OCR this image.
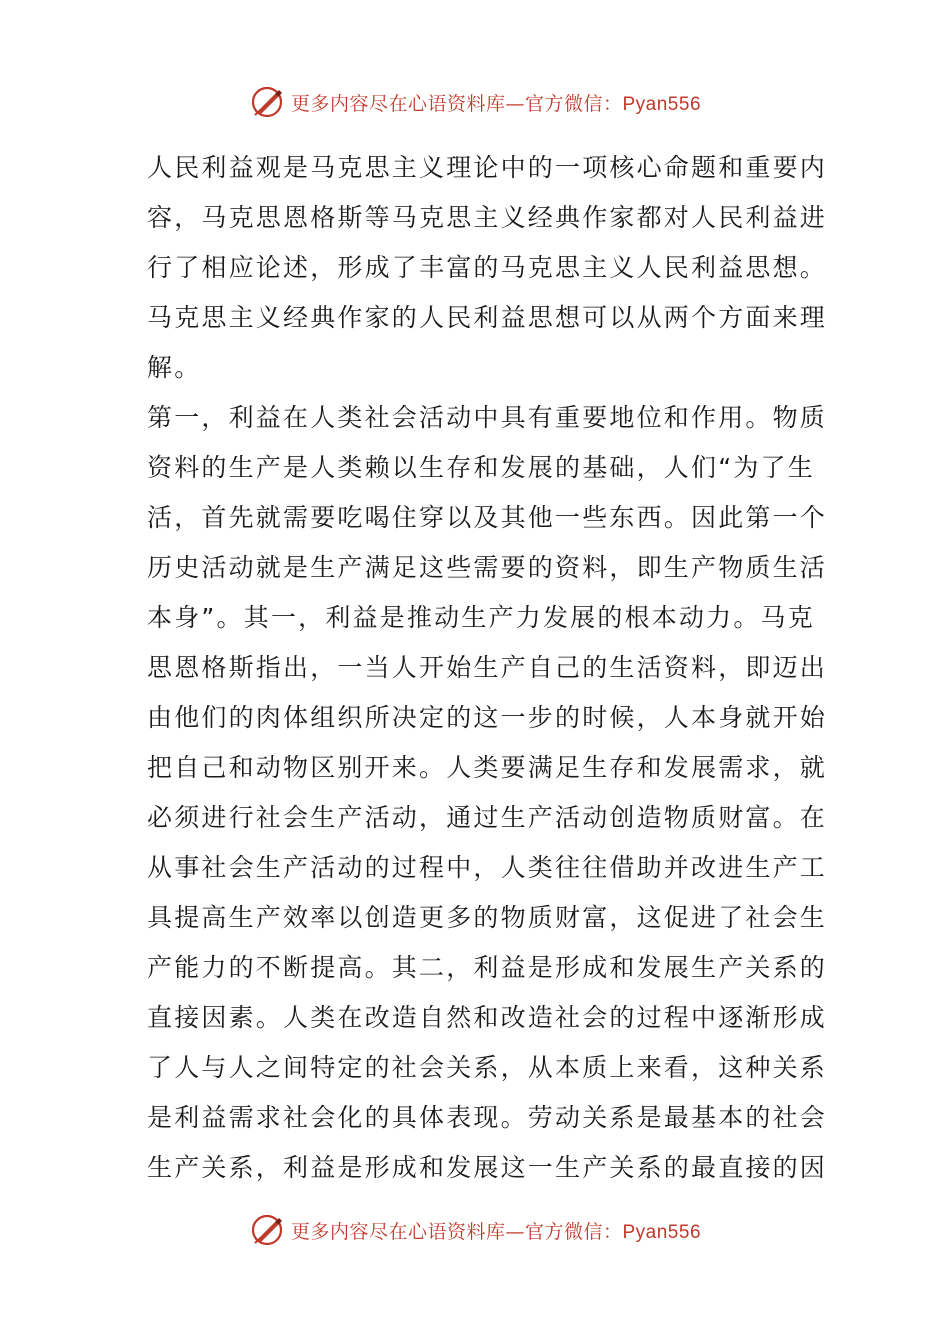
更多内容尽在心语资料库—官方微信：Pyan556
人民利益观是马克思主义理论中的一项核心命题和重要内
容，马克思恩格斯等马克思主义经典作家都对人民利益进
行了相应论述，形成了丰富的马克思主义人民利益思想。
马克思主义经典作家的人民利益思想可以从两个方面来理
解。
第一，利益在人类社会活动中具有重要地位和作用。物质
资料的生产是人类赖以生存和发展的基础，人们“为了生
活，首先就需要吃喝住穿以及其他一些东西。因此第一个
历史活动就是生产满足这些需要的资料，即生产物质生活
本身”。其一，利益是推动生产力发展的根本动力。马克
思恩格斯指出，一当人开始生产自己的生活资料，即迈出
由他们的肉体组织所决定的这一步的时候，人本身就开始
把自己和动物区别开来。人类要满足生存和发展需求，就
必须进行社会生产活动，通过生产活动创造物质财富。在
从事社会生产活动的过程中，人类往往借助并改进生产工
具提高生产效率以创造更多的物质财富，这促进了社会生
产能力的不断提高。其二，利益是形成和发展生产关系的
直接因素。人类在改造自然和改造社会的过程中逐渐形成
了人与人之间特定的社会关系，从本质上来看，这种关系
是利益需求社会化的具体表现。劳动关系是最基本的社会
生产关系，利益是形成和发展这一生产关系的最直接的因
更多内容尽在心语资料库—官方微信：Pyan556
